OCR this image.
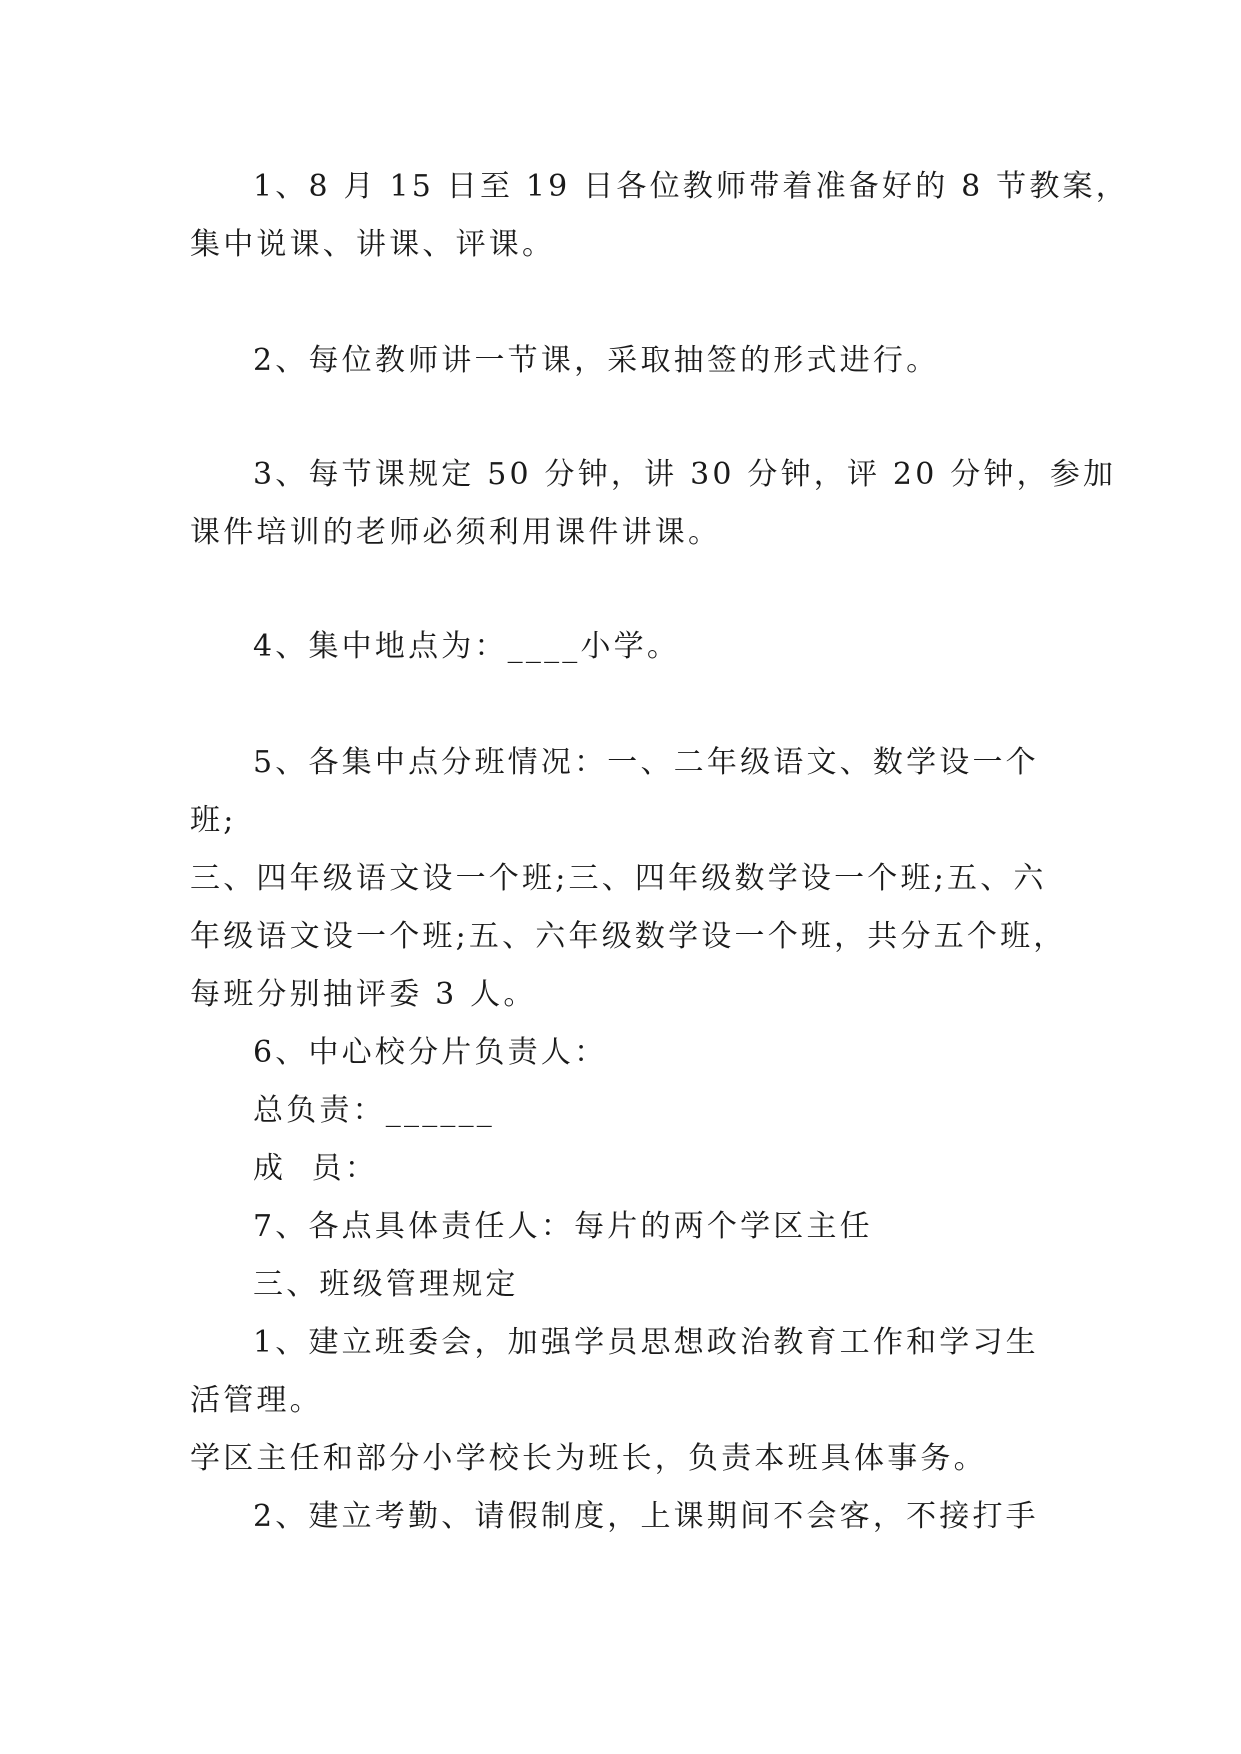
1、8 月 15 日至 19 日各位教师带着准备好的 8 节教案，

集中说课、讲课、评课。

2、每位教师讲一节课，采取抽签的形式进行。

3、每节课规定 50 分钟，讲 30 分钟，评 20 分钟，参加

课件培训的老师必须利用课件讲课。

4、集中地点为：____小学。

5、各集中点分班情况：一、二年级语文、数学设一个

班;

三、四年级语文设一个班;三、四年级数学设一个班;五、六

年级语文设一个班;五、六年级数学设一个班，共分五个班，

每班分别抽评委 3 人。

6、中心校分片负责人：

总负责：______

成  员：

7、各点具体责任人：每片的两个学区主任

三、班级管理规定

1、建立班委会，加强学员思想政治教育工作和学习生

活管理。

学区主任和部分小学校长为班长，负责本班具体事务。

2、建立考勤、请假制度，上课期间不会客，不接打手
